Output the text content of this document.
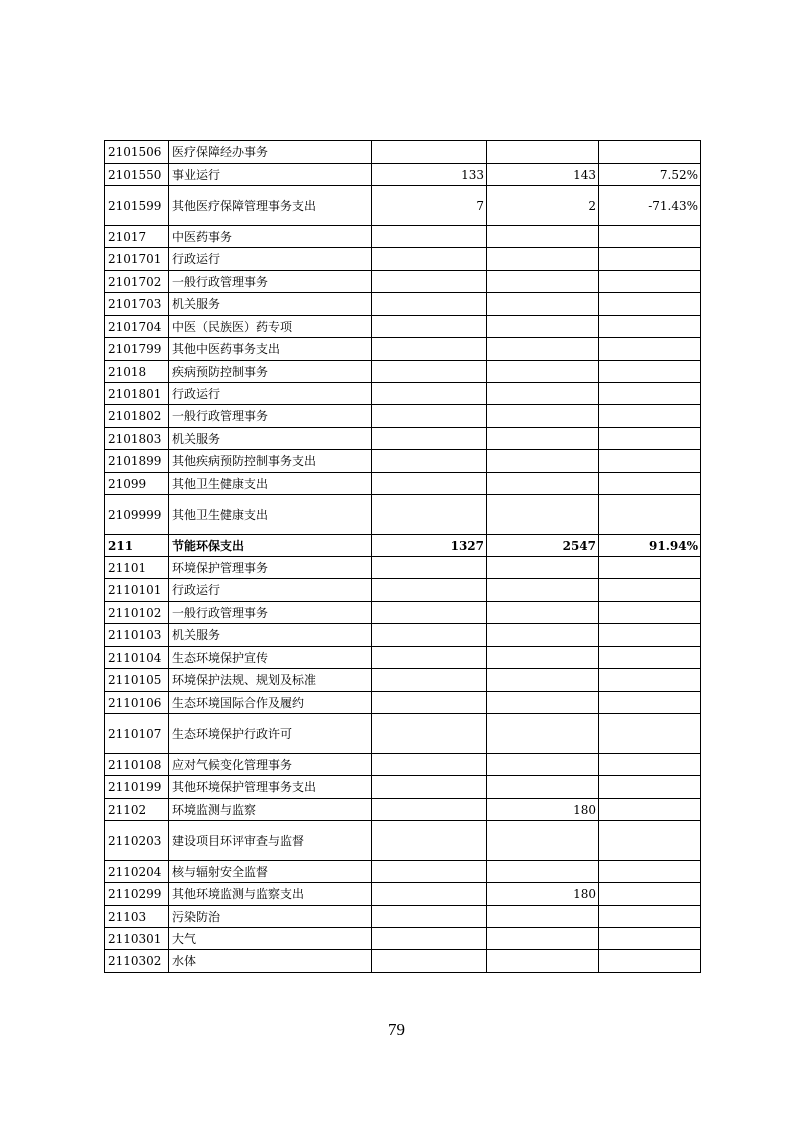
2101506	医疗保障经办事务			
2101550	事业运行	133	143	7.52%
2101599	其他医疗保障管理事务支出	7	2	-71.43%
21017	中医药事务			
2101701	行政运行			
2101702	一般行政管理事务			
2101703	机关服务			
2101704	中医（民族医）药专项			
2101799	其他中医药事务支出			
21018	疾病预防控制事务			
2101801	行政运行			
2101802	一般行政管理事务			
2101803	机关服务			
2101899	其他疾病预防控制事务支出			
21099	其他卫生健康支出			
2109999	其他卫生健康支出			
211	节能环保支出	1327	2547	91.94%
21101	环境保护管理事务			
2110101	行政运行			
2110102	一般行政管理事务			
2110103	机关服务			
2110104	生态环境保护宣传			
2110105	环境保护法规、规划及标准			
2110106	生态环境国际合作及履约			
2110107	生态环境保护行政许可			
2110108	应对气候变化管理事务			
2110199	其他环境保护管理事务支出			
21102	环境监测与监察		180	
2110203	建设项目环评审查与监督			
2110204	核与辐射安全监督			
2110299	其他环境监测与监察支出		180	
21103	污染防治			
2110301	大气			
2110302	水体			
79
